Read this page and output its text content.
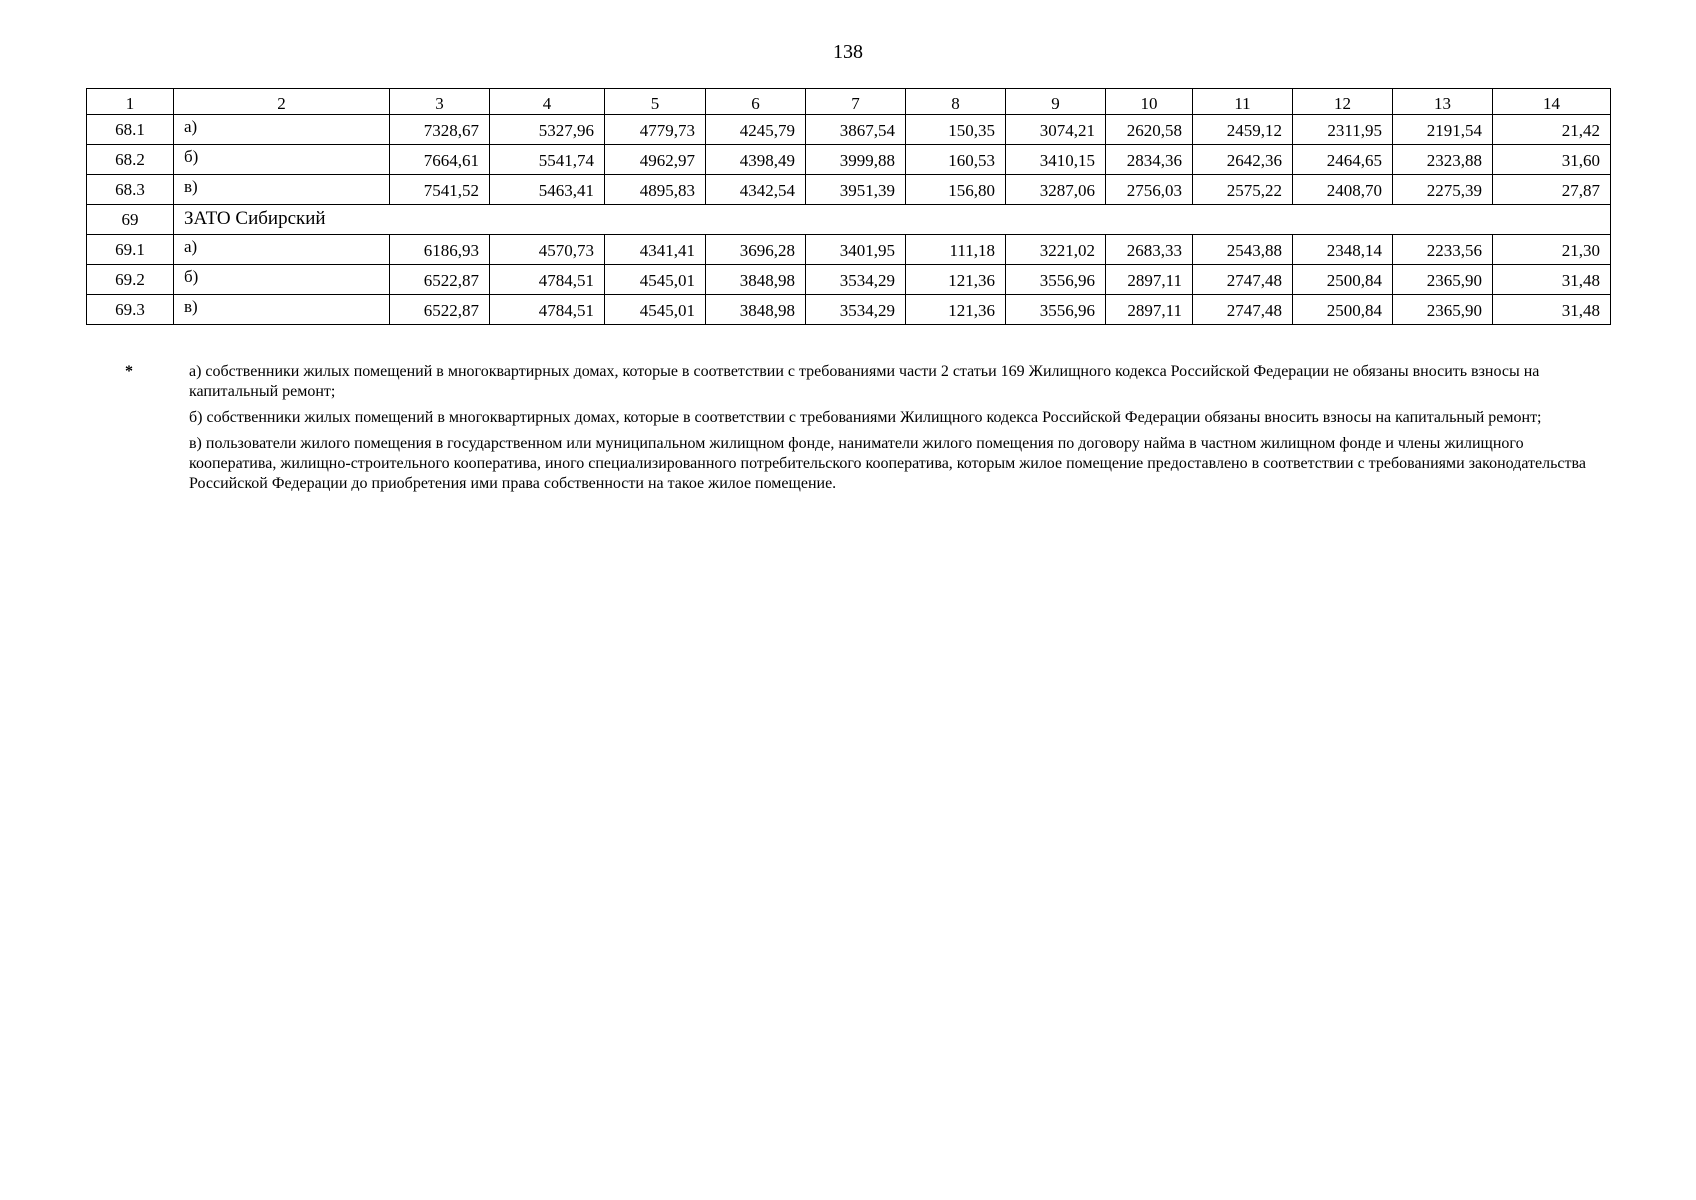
138
1	2	3	4	5	6	7	8	9	10	11	12	13	14
68.1	а)	7328,67	5327,96	4779,73	4245,79	3867,54	150,35	3074,21	2620,58	2459,12	2311,95	2191,54	21,42
68.2	б)	7664,61	5541,74	4962,97	4398,49	3999,88	160,53	3410,15	2834,36	2642,36	2464,65	2323,88	31,60
68.3	в)	7541,52	5463,41	4895,83	4342,54	3951,39	156,80	3287,06	2756,03	2575,22	2408,70	2275,39	27,87
69	ЗАТО Сибирский												
69.1	а)	6186,93	4570,73	4341,41	3696,28	3401,95	111,18	3221,02	2683,33	2543,88	2348,14	2233,56	21,30
69.2	б)	6522,87	4784,51	4545,01	3848,98	3534,29	121,36	3556,96	2897,11	2747,48	2500,84	2365,90	31,48
69.3	в)	6522,87	4784,51	4545,01	3848,98	3534,29	121,36	3556,96	2897,11	2747,48	2500,84	2365,90	31,48
*	а) собственники жилых помещений в многоквартирных домах, которые в соответствии с требованиями части 2 статьи 169 Жилищного кодекса Российской Федерации не обязаны вносить взносы на капитальный ремонт;
б) собственники жилых помещений в многоквартирных домах, которые в соответствии с требованиями Жилищного кодекса Российской Федерации обязаны вносить взносы на капитальный ремонт;
в) пользователи жилого помещения в государственном или муниципальном жилищном фонде, наниматели жилого помещения по договору найма в частном жилищном фонде и члены жилищного кооператива, жилищно-строительного кооператива, иного специализированного потребительского кооператива, которым жилое помещение предоставлено в соответствии с требованиями законодательства Российской Федерации до приобретения ими права собственности на такое жилое помещение.
